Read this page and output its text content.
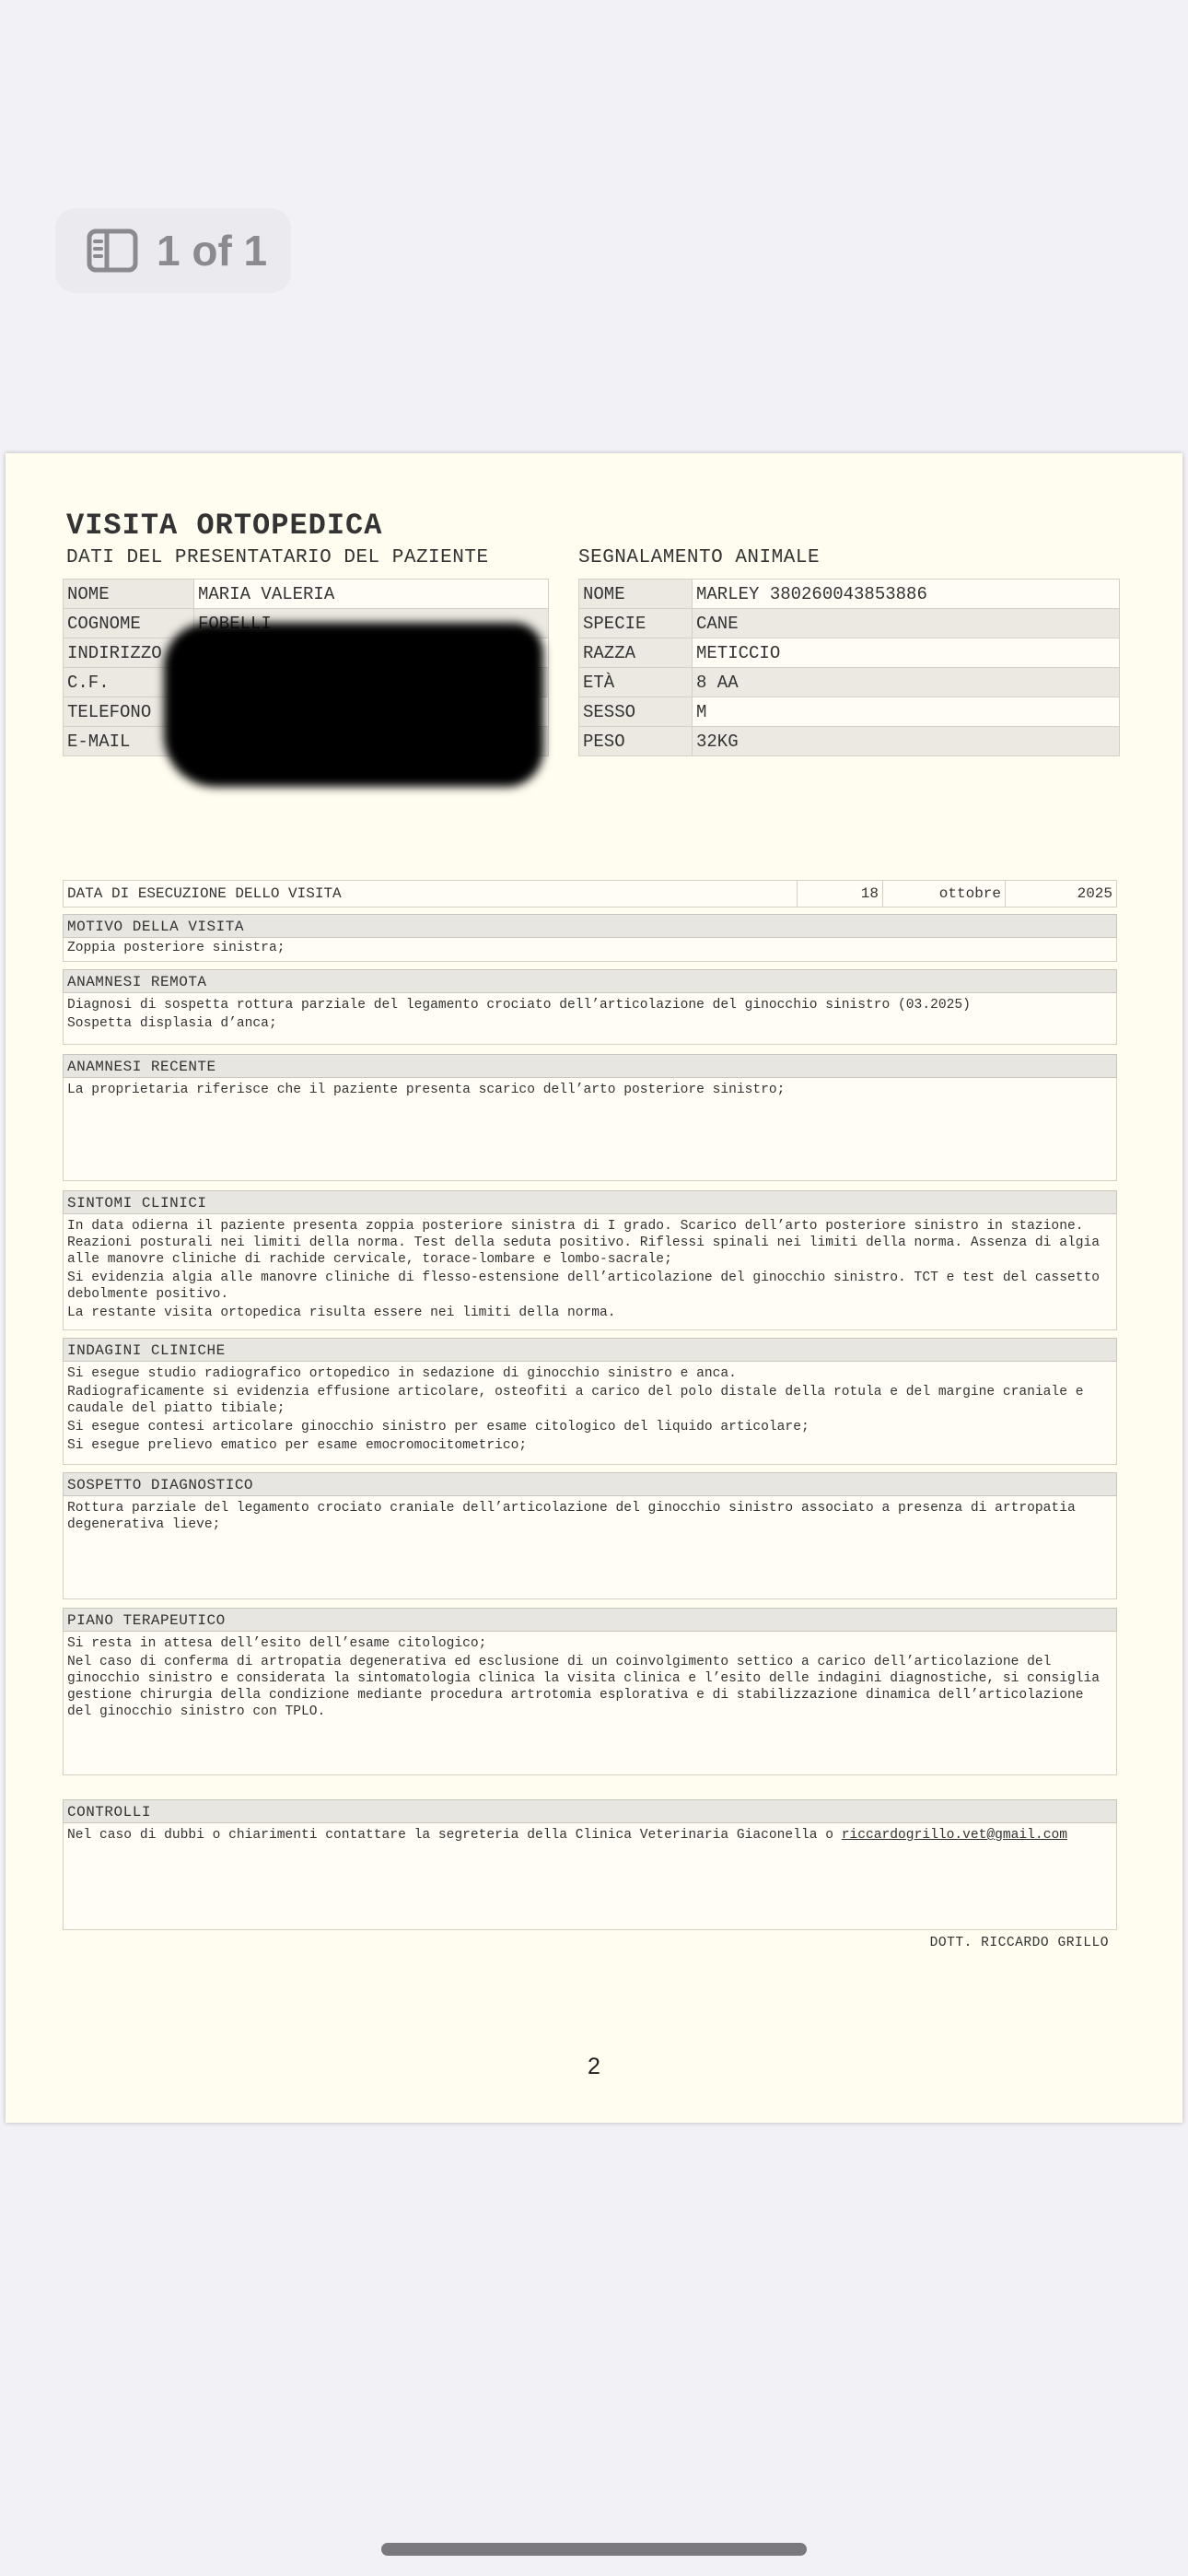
1 of 1
VISITA ORTOPEDICA
DATI DEL PRESENTATARIO DEL PAZIENTE	SEGNALAMENTO ANIMALE
NOME	MARIA VALERIA
COGNOME	
INDIRIZZO	
C.F.	
TELEFONO	
E-MAIL	
NOME	MARLEY 380260043853886
SPECIE	CANE
RAZZA	METICCIO
ETÀ	8 AA
SESSO	M
PESO	32KG
DATA DI ESECUZIONE DELLO VISITA	18	ottobre	2025
MOTIVO DELLA VISITA

Zoppia posteriore sinistra;

ANAMNESI REMOTA

Diagnosi di sospetta rottura parziale del legamento crociato dell’articolazione del ginocchio sinistro (03.2025)

Sospetta displasia d’anca;

ANAMNESI RECENTE

La proprietaria riferisce che il paziente presenta scarico dell’arto posteriore sinistro;

SINTOMI CLINICI

In data odierna il paziente presenta zoppia posteriore sinistra di I grado. Scarico dell’arto posteriore sinistro in stazione. Reazioni posturali nei limiti della norma. Test della seduta positivo. Riflessi spinali nei limiti della norma. Assenza di algia alle manovre cliniche di rachide cervicale, torace-lombare e lombo-sacrale;

Si evidenzia algia alle manovre cliniche di flesso-estensione dell’articolazione del ginocchio sinistro. TCT e test del cassetto debolmente positivo.

La restante visita ortopedica risulta essere nei limiti della norma.

INDAGINI CLINICHE

Si esegue studio radiografico ortopedico in sedazione di ginocchio sinistro e anca.

Radiograficamente si evidenzia effusione articolare, osteofiti a carico del polo distale della rotula e del margine craniale e caudale del piatto tibiale;

Si esegue contesi articolare ginocchio sinistro per esame citologico del liquido articolare;

Si esegue prelievo ematico per esame emocromocitometrico;

SOSPETTO DIAGNOSTICO

Rottura parziale del legamento crociato craniale dell’articolazione del ginocchio sinistro associato a presenza di artropatia degenerativa lieve;

PIANO TERAPEUTICO

Si resta in attesa dell’esito dell’esame citologico;

Nel caso di conferma di artropatia degenerativa ed esclusione di un coinvolgimento settico a carico dell’articolazione del ginocchio sinistro e considerata la sintomatologia clinica la visita clinica e l’esito delle indagini diagnostiche, si consiglia gestione chirurgia della condizione mediante procedura artrotomia esplorativa e di stabilizzazione dinamica dell’articolazione del ginocchio sinistro con TPLO.

CONTROLLI

Nel caso di dubbi o chiarimenti contattare la segreteria della Clinica Veterinaria Giaconella o riccardogrillo.vet@gmail.com

DOTT. RICCARDO GRILLO
2
